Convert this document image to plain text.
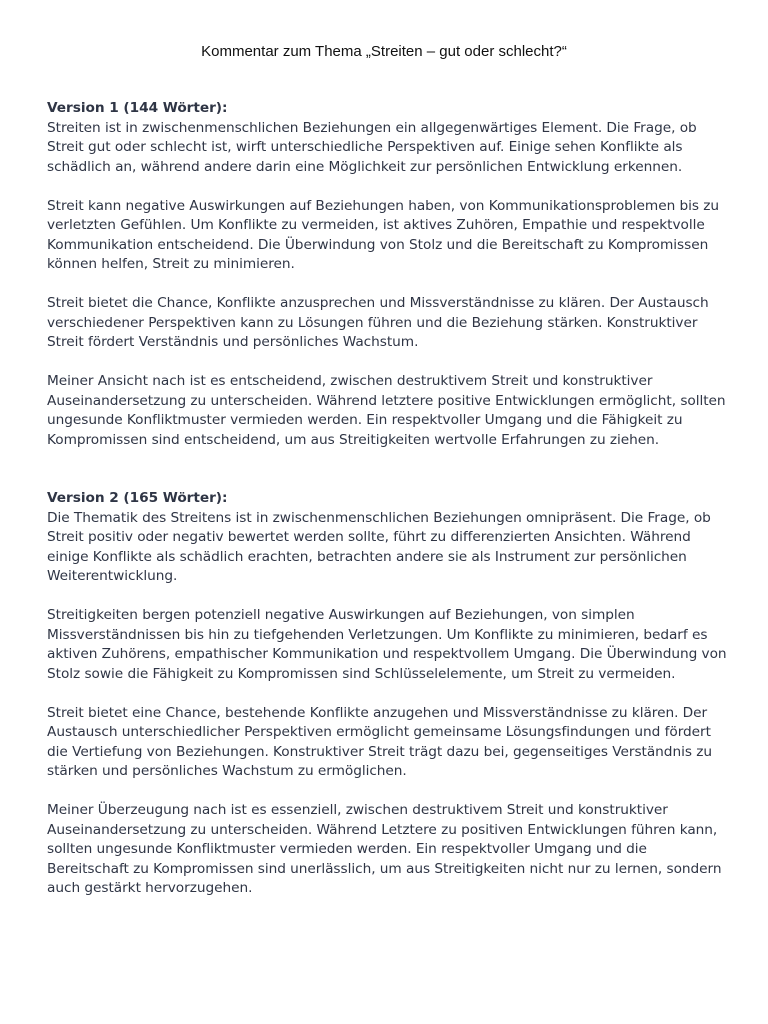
Kommentar zum Thema „Streiten – gut oder schlecht?“

Version 1 (144 Wörter):

Streiten ist in zwischenmenschlichen Beziehungen ein allgegenwärtiges Element. Die Frage, ob Streit gut oder schlecht ist, wirft unterschiedliche Perspektiven auf. Einige sehen Konflikte als schädlich an, während andere darin eine Möglichkeit zur persönlichen Entwicklung erkennen.

Streit kann negative Auswirkungen auf Beziehungen haben, von Kommunikationsproblemen bis zu verletzten Gefühlen. Um Konflikte zu vermeiden, ist aktives Zuhören, Empathie und respektvolle Kommunikation entscheidend. Die Überwindung von Stolz und die Bereitschaft zu Kompromissen können helfen, Streit zu minimieren.

Streit bietet die Chance, Konflikte anzusprechen und Missverständnisse zu klären. Der Austausch verschiedener Perspektiven kann zu Lösungen führen und die Beziehung stärken. Konstruktiver Streit fördert Verständnis und persönliches Wachstum.

Meiner Ansicht nach ist es entscheidend, zwischen destruktivem Streit und konstruktiver Auseinandersetzung zu unterscheiden. Während letztere positive Entwicklungen ermöglicht, sollten ungesunde Konfliktmuster vermieden werden. Ein respektvoller Umgang und die Fähigkeit zu Kompromissen sind entscheidend, um aus Streitigkeiten wertvolle Erfahrungen zu ziehen.

Version 2 (165 Wörter):

Die Thematik des Streitens ist in zwischenmenschlichen Beziehungen omnipräsent. Die Frage, ob Streit positiv oder negativ bewertet werden sollte, führt zu differenzierten Ansichten. Während einige Konflikte als schädlich erachten, betrachten andere sie als Instrument zur persönlichen Weiterentwicklung.

Streitigkeiten bergen potenziell negative Auswirkungen auf Beziehungen, von simplen Missverständnissen bis hin zu tiefgehenden Verletzungen. Um Konflikte zu minimieren, bedarf es aktiven Zuhörens, empathischer Kommunikation und respektvollem Umgang. Die Überwindung von Stolz sowie die Fähigkeit zu Kompromissen sind Schlüsselelemente, um Streit zu vermeiden.

Streit bietet eine Chance, bestehende Konflikte anzugehen und Missverständnisse zu klären. Der Austausch unterschiedlicher Perspektiven ermöglicht gemeinsame Lösungsfindungen und fördert die Vertiefung von Beziehungen. Konstruktiver Streit trägt dazu bei, gegenseitiges Verständnis zu stärken und persönliches Wachstum zu ermöglichen.

Meiner Überzeugung nach ist es essenziell, zwischen destruktivem Streit und konstruktiver Auseinandersetzung zu unterscheiden. Während Letztere zu positiven Entwicklungen führen kann, sollten ungesunde Konfliktmuster vermieden werden. Ein respektvoller Umgang und die Bereitschaft zu Kompromissen sind unerlässlich, um aus Streitigkeiten nicht nur zu lernen, sondern auch gestärkt hervorzugehen.
